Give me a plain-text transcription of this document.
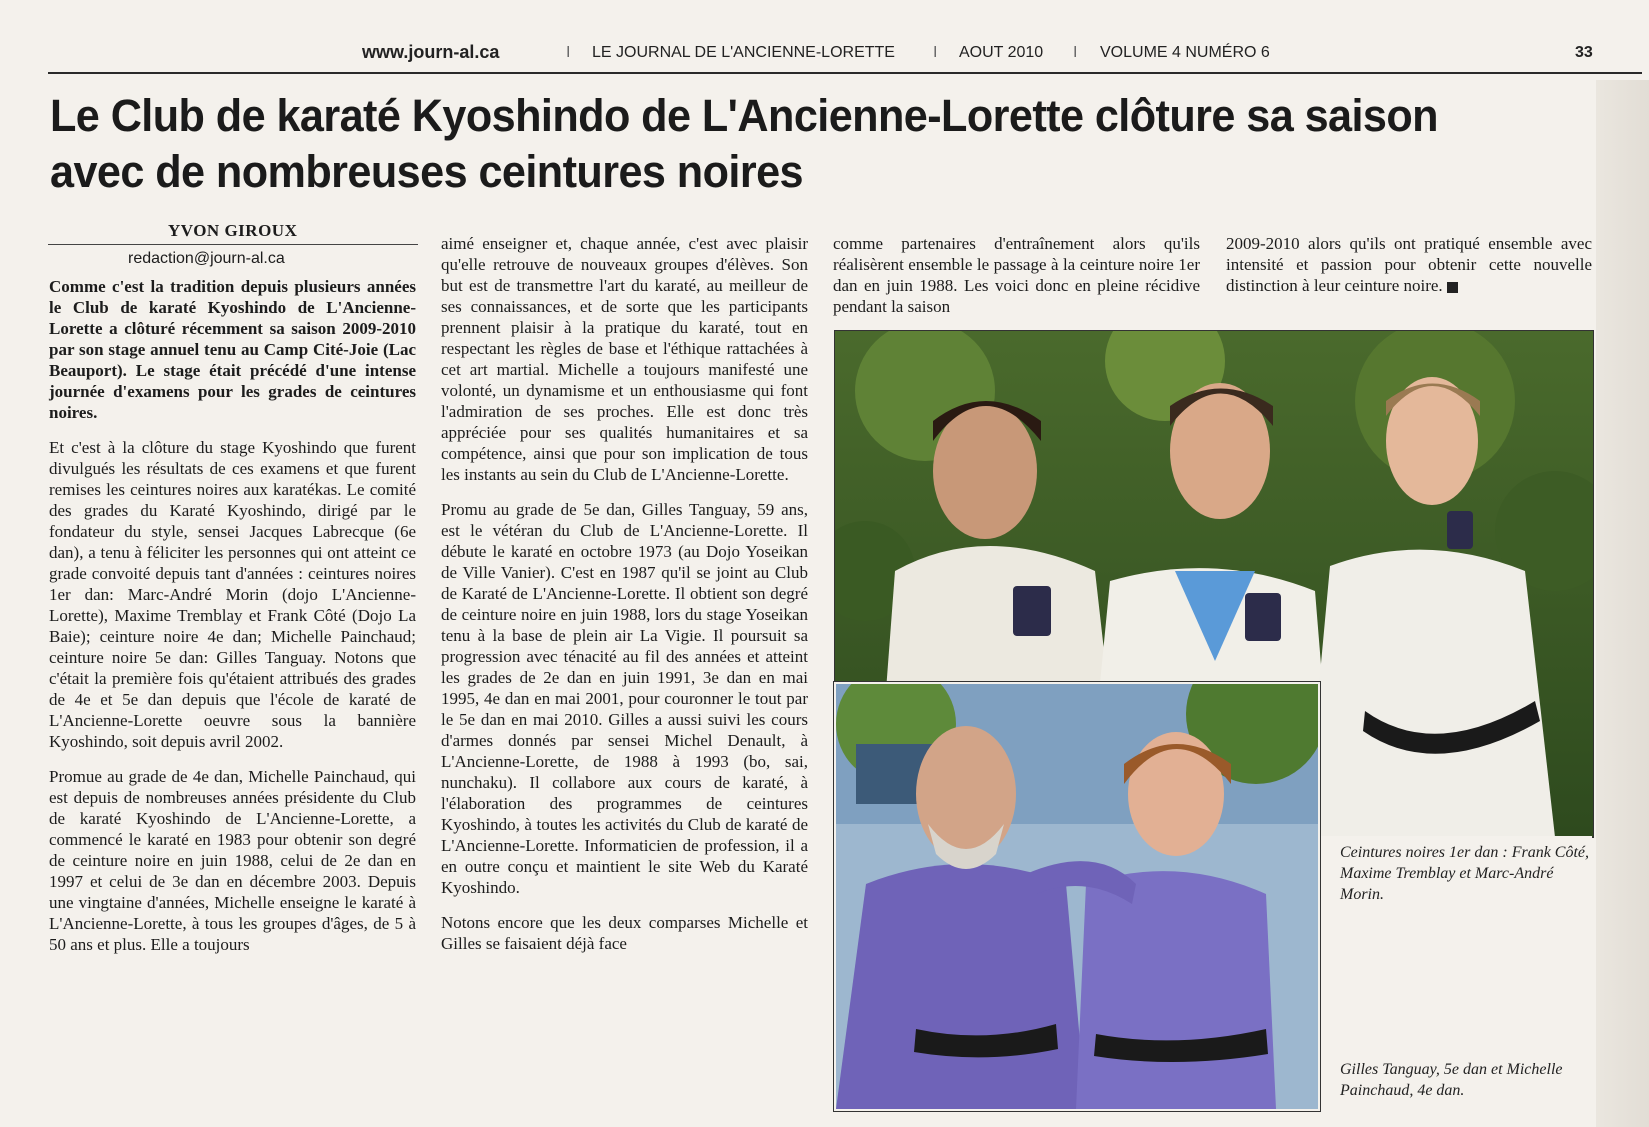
www.journ-al.ca	I LE JOURNAL DE L'ANCIENNE-LORETTE I AOUT 2010 I VOLUME 4 NUMÉRO 6	33
Le Club de karaté Kyoshindo de L'Ancienne-Lorette clôture sa saison
avec de nombreuses ceintures noires
YVON GIROUX
redaction@journ-al.ca

Comme c'est la tradition depuis plusieurs années le Club de karaté Kyoshindo de L'Ancienne-Lorette a clôturé récemment sa saison 2009-2010 par son stage annuel tenu au Camp Cité-Joie (Lac Beauport). Le stage était précédé d'une intense journée d'examens pour les grades de ceintures noires.

Et c'est à la clôture du stage Kyoshindo que furent divulgués les résultats de ces examens et que furent remises les ceintures noires aux karatékas. Le comité des grades du Karaté Kyoshindo, dirigé par le fondateur du style, sensei Jacques Labrecque (6e dan), a tenu à féliciter les personnes qui ont atteint ce grade convoité depuis tant d'années : ceintures noires 1er dan: Marc-André Morin (dojo L'Ancienne-Lorette), Maxime Tremblay et Frank Côté (Dojo La Baie); ceinture noire 4e dan; Michelle Painchaud; ceinture noire 5e dan: Gilles Tanguay. Notons que c'était la première fois qu'étaient attribués des grades de 4e et 5e dan depuis que l'école de karaté de L'Ancienne-Lorette oeuvre sous la bannière Kyoshindo, soit depuis avril 2002.

Promue au grade de 4e dan, Michelle Painchaud, qui est depuis de nombreuses années présidente du Club de karaté Kyoshindo de L'Ancienne-Lorette, a commencé le karaté en 1983 pour obtenir son degré de ceinture noire en juin 1988, celui de 2e dan en 1997 et celui de 3e dan en décembre 2003. Depuis une vingtaine d'années, Michelle enseigne le karaté à L'Ancienne-Lorette, à tous les groupes d'âges, de 5 à 50 ans et plus. Elle a toujours

aimé enseigner et, chaque année, c'est avec plaisir qu'elle retrouve de nouveaux groupes d'élèves. Son but est de transmettre l'art du karaté, au meilleur de ses connaissances, et de sorte que les participants prennent plaisir à la pratique du karaté, tout en respectant les règles de base et l'éthique rattachées à cet art martial. Michelle a toujours manifesté une volonté, un dynamisme et un enthousiasme qui font l'admiration de ses proches. Elle est donc très appréciée pour ses qualités humanitaires et sa compétence, ainsi que pour son implication de tous les instants au sein du Club de L'Ancienne-Lorette.

Promu au grade de 5e dan, Gilles Tanguay, 59 ans, est le vétéran du Club de L'Ancienne-Lorette. Il débute le karaté en octobre 1973 (au Dojo Yoseikan de Ville Vanier). C'est en 1987 qu'il se joint au Club de Karaté de L'Ancienne-Lorette. Il obtient son degré de ceinture noire en juin 1988, lors du stage Yoseikan tenu à la base de plein air La Vigie. Il poursuit sa progression avec ténacité au fil des années et atteint les grades de 2e dan en juin 1991, 3e dan en mai 1995, 4e dan en mai 2001, pour couronner le tout par le 5e dan en mai 2010. Gilles a aussi suivi les cours d'armes donnés par sensei Michel Denault, à L'Ancienne-Lorette, de 1988 à 1993 (bo, sai, nunchaku). Il collabore aux cours de karaté, à l'élaboration des programmes de ceintures Kyoshindo, à toutes les activités du Club de karaté de L'Ancienne-Lorette. Informaticien de profession, il a en outre conçu et maintient le site Web du Karaté Kyoshindo.

Notons encore que les deux comparses Michelle et Gilles se faisaient déjà face

comme partenaires d'entraînement alors qu'ils réalisèrent ensemble le passage à la ceinture noire 1er dan en juin 1988. Les voici donc en pleine récidive pendant la saison

2009-2010 alors qu'ils ont pratiqué ensemble avec intensité et passion pour obtenir cette nouvelle distinction à leur ceinture noire.

Ceintures noires 1er dan : Frank Côté, Maxime Tremblay et Marc-André Morin.
Gilles Tanguay, 5e dan et Michelle Painchaud, 4e dan.
